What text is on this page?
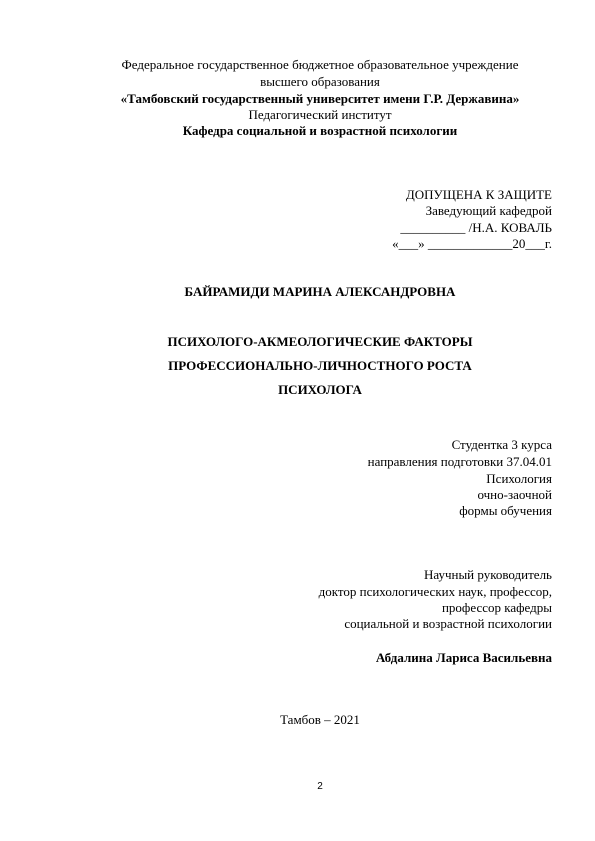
Федеральное государственное бюджетное образовательное учреждение
высшего образования
«Тамбовский государственный университет имени Г.Р. Державина»
Педагогический институт
Кафедра социальной и возрастной психологии
ДОПУЩЕНА К ЗАЩИТЕ
Заведующий кафедрой
__________ /Н.А. КОВАЛЬ
«___» _____________20___г.
БАЙРАМИДИ МАРИНА АЛЕКСАНДРОВНА
ПСИХОЛОГО-АКМЕОЛОГИЧЕСКИЕ ФАКТОРЫ
ПРОФЕССИОНАЛЬНО-ЛИЧНОСТНОГО РОСТА
ПСИХОЛОГА
Студентка 3 курса
направления подготовки 37.04.01
Психология
очно-заочной
формы обучения
Научный руководитель
доктор психологических наук, профессор,
профессор кафедры
социальной и возрастной психологии
Абдалина Лариса Васильевна
Тамбов – 2021
2
